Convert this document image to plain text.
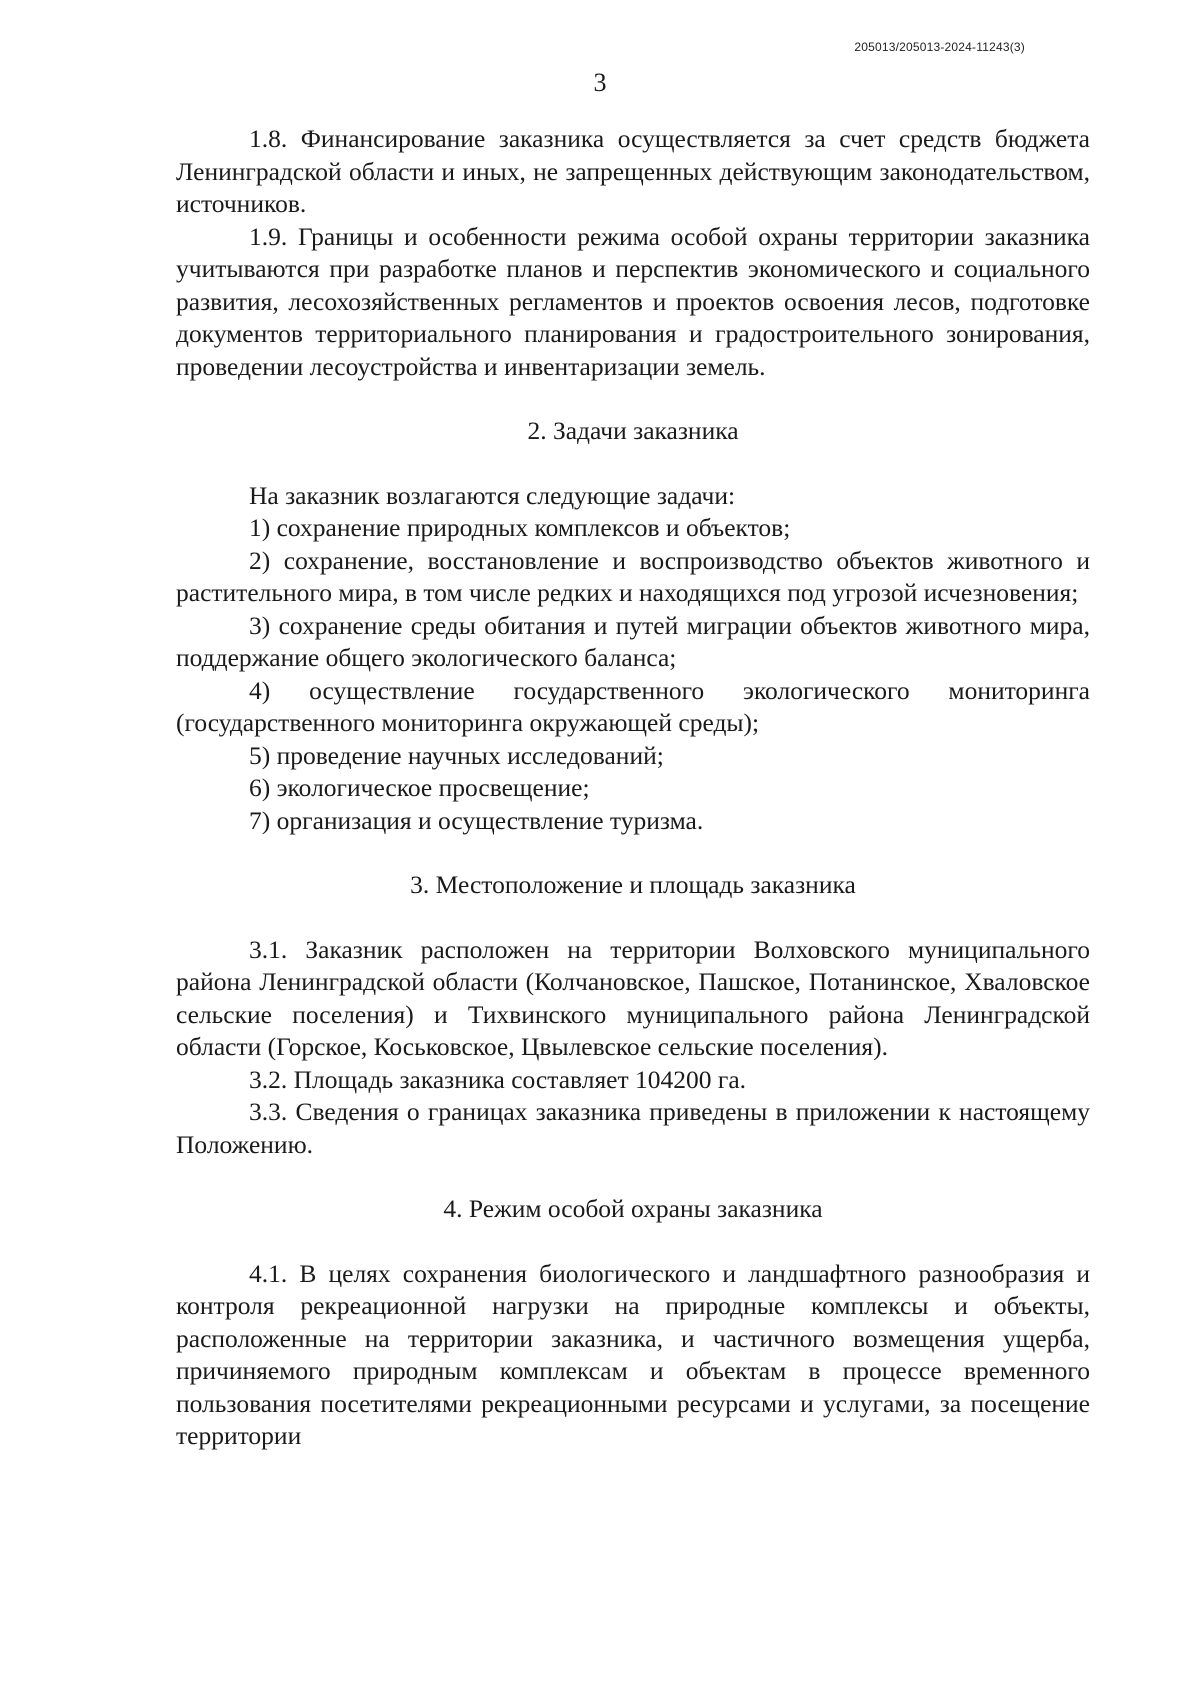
205013/205013-2024-11243(3)
3

1.8. Финансирование заказника осуществляется за счет средств бюджета Ленинградской области и иных, не запрещенных действующим законодательством, источников.

1.9. Границы и особенности режима особой охраны территории заказника учитываются при разработке планов и перспектив экономического и социального развития, лесохозяйственных регламентов и проектов освоения лесов, подготовке документов территориального планирования и градостроительного зонирования, проведении лесоустройства и инвентаризации земель.

2. Задачи заказника

На заказник возлагаются следующие задачи:

1) сохранение природных комплексов и объектов;

2) сохранение, восстановление и воспроизводство объектов животного и растительного мира, в том числе редких и находящихся под угрозой исчезновения;

3) сохранение среды обитания и путей миграции объектов животного мира, поддержание общего экологического баланса;

4) осуществление государственного экологического мониторинга (государственного мониторинга окружающей среды);

5) проведение научных исследований;

6) экологическое просвещение;

7) организация и осуществление туризма.

3. Местоположение и площадь заказника

3.1. Заказник расположен на территории Волховского муниципального района Ленинградской области (Колчановское, Пашское, Потанинское, Хваловское сельские поселения) и Тихвинского муниципального района Ленинградской области (Горское, Коськовское, Цвылевское сельские поселения).

3.2. Площадь заказника составляет 104200 га.

3.3. Сведения о границах заказника приведены в приложении к настоящему Положению.

4. Режим особой охраны заказника

4.1. В целях сохранения биологического и ландшафтного разнообразия и контроля рекреационной нагрузки на природные комплексы и объекты, расположенные на территории заказника, и частичного возмещения ущерба, причиняемого природным комплексам и объектам в процессе временного пользования посетителями рекреационными ресурсами и услугами, за посещение территории
